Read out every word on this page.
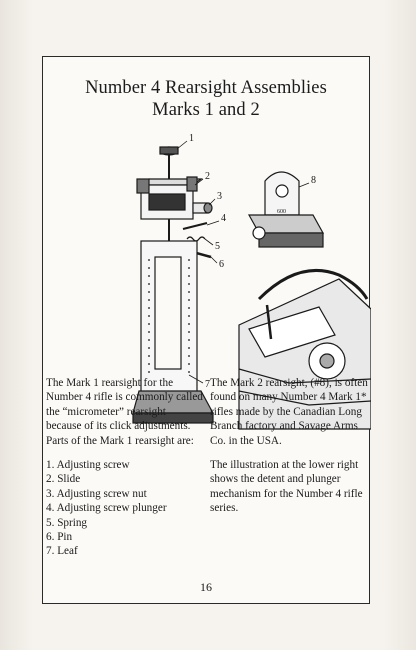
Number 4 Rearsight Assemblies
Marks 1 and 2
1
2
3
4
5
6
7
8
600

The Mark 1 rearsight for the Number 4 rifle is commonly called the “micrometer” rearsight because of its click adjustments. Parts of the Mark 1 rearsight are:

1. Adjusting screw
2. Slide
3. Adjusting screw nut
4. Adjusting screw plunger
5. Spring
6. Pin
7. Leaf

The Mark 2 rearsight, (#8), is often found on many Number 4 Mark 1* rifles made by the Canadian Long Branch factory and Savage Arms Co. in the USA.

The illustration at the lower right shows the detent and plunger mechanism for the Number 4 rifle series.

16
